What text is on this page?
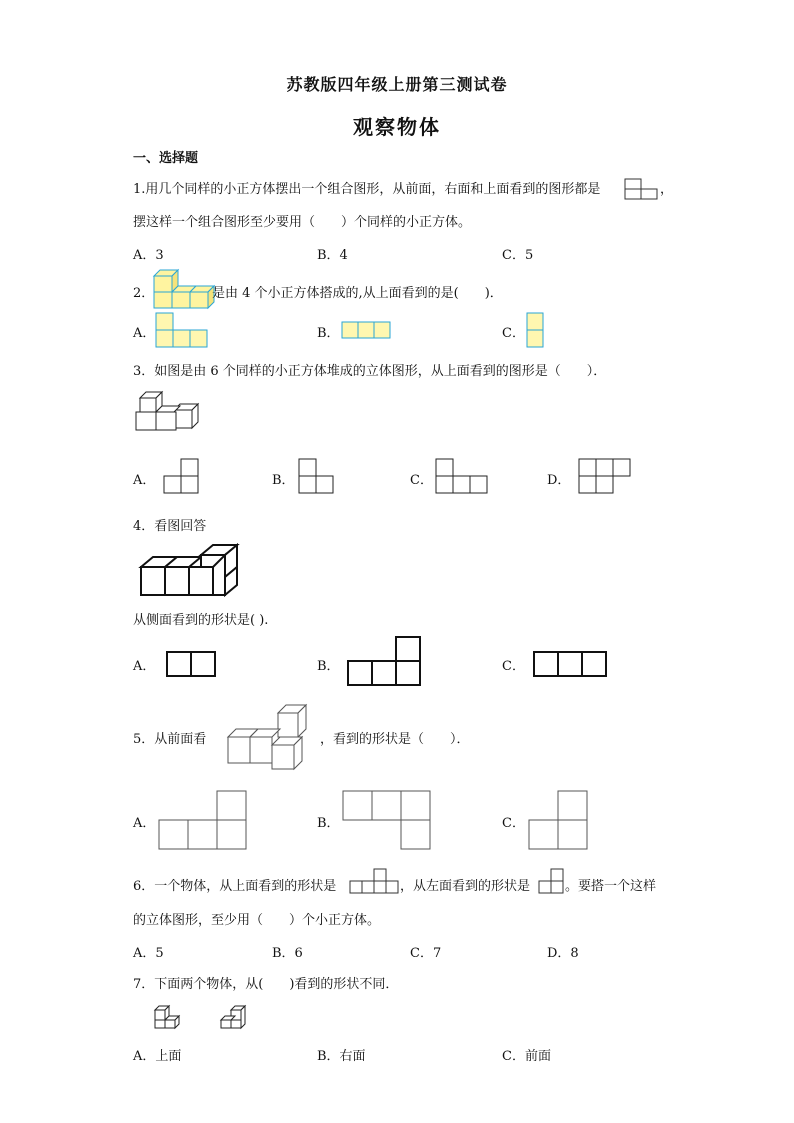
苏教版四年级上册第三测试卷
观察物体
一、选择题
1.用几个同样的小正方体摆出一个组合图形，从前面，右面和上面看到的图形都是	，
摆这样一个组合图形至少要用（　　）个同样的小正方体。
A．3	B．4	C．5
2．	是由 4 个小正方体搭成的,从上面看到的是(　　)．
A．	B．	C．
3．如图是由 6 个同样的小正方体堆成的立体图形，从上面看到的图形是（　　）．
A．	B．	C．	D．
4．看图回答
从侧面看到的形状是( ).
A．	B．	C．
5．从前面看	，看到的形状是（　　）．
A．	B．	C．
6．一个物体，从上面看到的形状是	，从左面看到的形状是	。要搭一个这样
的立体图形，至少用（　　）个小正方体。
A．5	B．6	C．7	D．8
7．下面两个物体，从(　　)看到的形状不同．
A．上面	B．右面	C．前面
